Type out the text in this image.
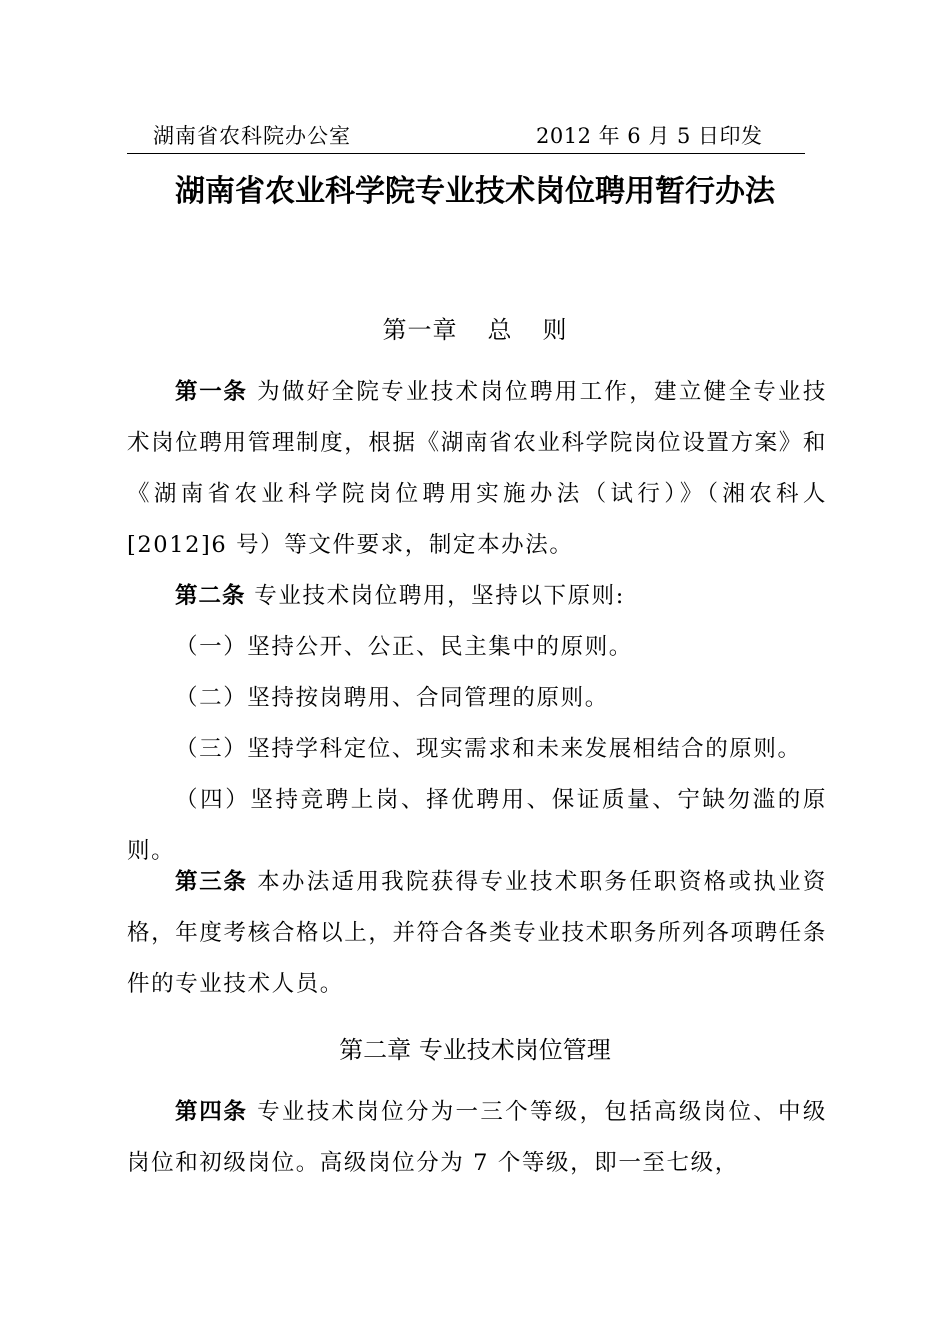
湖南省农科院办公室	2012 年 6 月 5 日印发
湖南省农业科学院专业技术岗位聘用暂行办法
第一章 总 则

第一条 为做好全院专业技术岗位聘用工作，建立健全专业技术岗位聘用管理制度，根据《湖南省农业科学院岗位设置方案》和《湖南省农业科学院岗位聘用实施办法（试行）》（湘农科人[2012]6 号）等文件要求，制定本办法。

第二条 专业技术岗位聘用，坚持以下原则:

（一）坚持公开、公正、民主集中的原则。

（二）坚持按岗聘用、合同管理的原则。

（三）坚持学科定位、现实需求和未来发展相结合的原则。

（四）坚持竞聘上岗、择优聘用、保证质量、宁缺勿滥的原则。

第三条 本办法适用我院获得专业技术职务任职资格或执业资格，年度考核合格以上，并符合各类专业技术职务所列各项聘任条件的专业技术人员。

第二章 专业技术岗位管理

第四条 专业技术岗位分为一三个等级，包括高级岗位、中级岗位和初级岗位。高级岗位分为 7 个等级，即一至七级，
